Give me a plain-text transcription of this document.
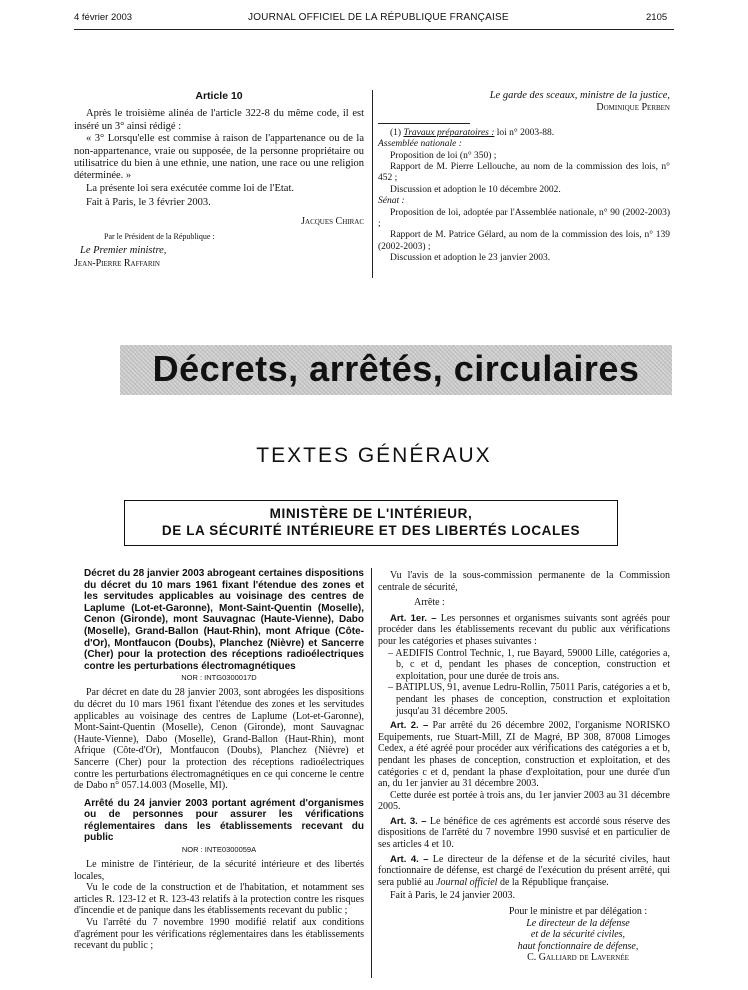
4 février 2003	JOURNAL OFFICIEL DE LA RÉPUBLIQUE FRANÇAISE	2105

Article 10

Après le troisième alinéa de l'article 322-8 du même code, il est inséré un 3° ainsi rédigé :

« 3° Lorsqu'elle est commise à raison de l'appartenance ou de la non-appartenance, vraie ou supposée, de la personne propriétaire ou utilisatrice du bien à une ethnie, une nation, une race ou une religion déterminée. »

La présente loi sera exécutée comme loi de l'Etat.

Fait à Paris, le 3 février 2003.

Jacques Chirac

Par le Président de la République :

Le Premier ministre,

Jean-Pierre Raffarin

Le garde des sceaux, ministre de la justice,

Dominique Perben

(1) Travaux préparatoires : loi n° 2003-88.

Assemblée nationale :

Proposition de loi (n° 350) ;

Rapport de M. Pierre Lellouche, au nom de la commission des lois, n° 452 ;

Discussion et adoption le 10 décembre 2002.

Sénat :

Proposition de loi, adoptée par l'Assemblée nationale, n° 90 (2002-2003) ;

Rapport de M. Patrice Gélard, au nom de la commission des lois, n° 139 (2002-2003) ;

Discussion et adoption le 23 janvier 2003.

Décrets, arrêtés, circulaires
TEXTES GÉNÉRAUX
MINISTÈRE DE L'INTÉRIEUR,
DE LA SÉCURITÉ INTÉRIEURE ET DES LIBERTÉS LOCALES

Décret du 28 janvier 2003 abrogeant certaines dispositions du décret du 10 mars 1961 fixant l'étendue des zones et les servitudes applicables au voisinage des centres de Laplume (Lot-et-Garonne), Mont-Saint-Quentin (Moselle), Cenon (Gironde), mont Sauvagnac (Haute-Vienne), Dabo (Moselle), Grand-Ballon (Haut-Rhin), mont Afrique (Côte-d'Or), Montfaucon (Doubs), Planchez (Nièvre) et Sancerre (Cher) pour la protection des réceptions radioélectriques contre les perturbations électromagnétiques

NOR : INTG0300017D

Par décret en date du 28 janvier 2003, sont abrogées les dispositions du décret du 10 mars 1961 fixant l'étendue des zones et les servitudes applicables au voisinage des centres de Laplume (Lot-et-Garonne), Mont-Saint-Quentin (Moselle), Cenon (Gironde), mont Sauvagnac (Haute-Vienne), Dabo (Moselle), Grand-Ballon (Haut-Rhin), mont Afrique (Côte-d'Or), Montfaucon (Doubs), Planchez (Nièvre) et Sancerre (Cher) pour la protection des réceptions radioélectriques contre les perturbations électromagnétiques en ce qui concerne le centre de Dabo n° 057.14.003 (Moselle, MI).

Arrêté du 24 janvier 2003 portant agrément d'organismes ou de personnes pour assurer les vérifications réglementaires dans les établissements recevant du public

NOR : INTE0300059A

Le ministre de l'intérieur, de la sécurité intérieure et des libertés locales,

Vu le code de la construction et de l'habitation, et notamment ses articles R. 123-12 et R. 123-43 relatifs à la protection contre les risques d'incendie et de panique dans les établissements recevant du public ;

Vu l'arrêté du 7 novembre 1990 modifié relatif aux conditions d'agrément pour les vérifications réglementaires dans les établissements recevant du public ;

Vu l'avis de la sous-commission permanente de la Commission centrale de sécurité,

Arrête :

Art. 1er. – Les personnes et organismes suivants sont agréés pour procéder dans les établissements recevant du public aux vérifications pour les catégories et phases suivantes :

– AEDIFIS Control Technic, 1, rue Bayard, 59000 Lille, catégories a, b, c et d, pendant les phases de conception, construction et exploitation, pour une durée de trois ans.
– BATIPLUS, 91, avenue Ledru-Rollin, 75011 Paris, catégories a et b, pendant les phases de conception, construction et exploitation jusqu'au 31 décembre 2005.

Art. 2. – Par arrêté du 26 décembre 2002, l'organisme NORISKO Equipements, rue Stuart-Mill, ZI de Magré, BP 308, 87008 Limoges Cedex, a été agréé pour procéder aux vérifications des catégories a et b, pendant les phases de conception, construction et exploitation, et des catégories c et d, pendant la phase d'exploitation, pour une durée d'un an, du 1er janvier au 31 décembre 2003.

Cette durée est portée à trois ans, du 1er janvier 2003 au 31 décembre 2005.

Art. 3. – Le bénéfice de ces agréments est accordé sous réserve des dispositions de l'arrêté du 7 novembre 1990 susvisé et en particulier de ses articles 4 et 10.

Art. 4. – Le directeur de la défense et de la sécurité civiles, haut fonctionnaire de défense, est chargé de l'exécution du présent arrêté, qui sera publié au Journal officiel de la République française.

Fait à Paris, le 24 janvier 2003.

Pour le ministre et par délégation :

Le directeur de la défense

et de la sécurité civiles,

haut fonctionnaire de défense,

C. Galliard de Lavernée
